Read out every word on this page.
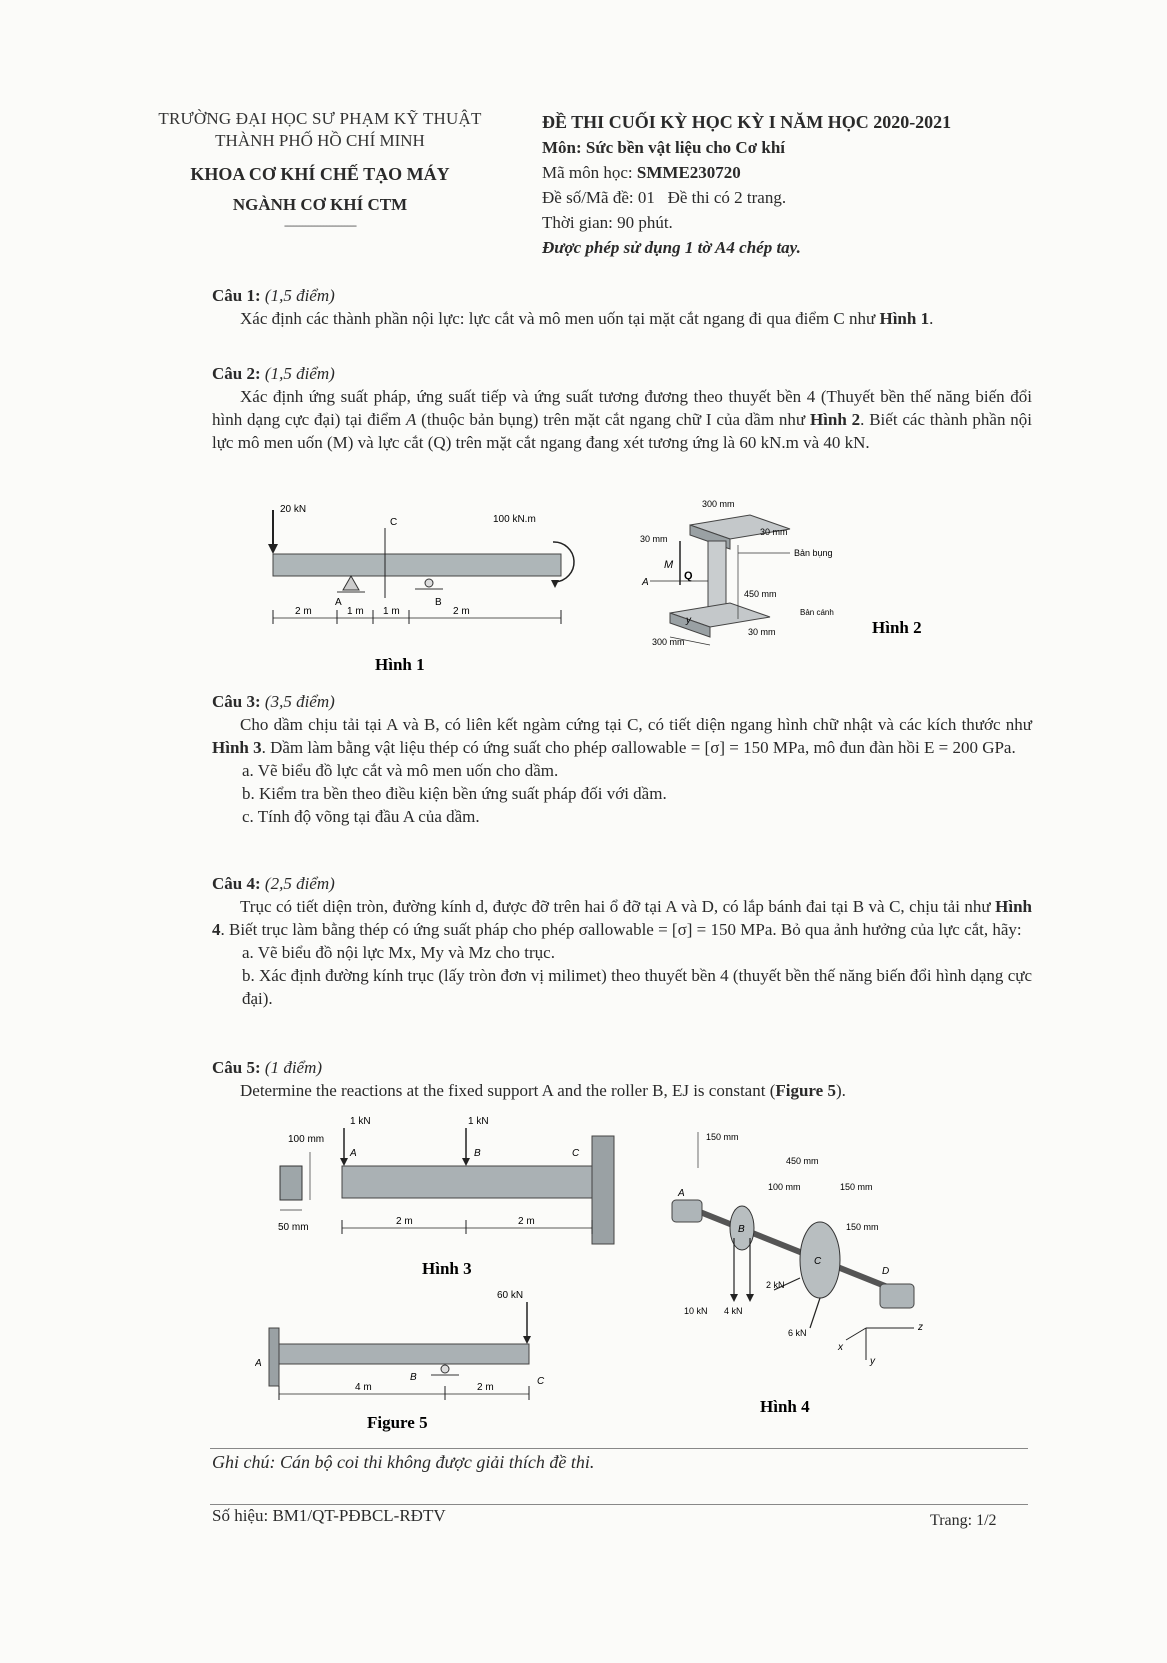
TRƯỜNG ĐẠI HỌC SƯ PHẠM KỸ THUẬT
THÀNH PHỐ HỒ CHÍ MINH
KHOA CƠ KHÍ CHẾ TẠO MÁY
NGÀNH CƠ KHÍ CTM
------------------------
ĐỀ THI CUỐI KỲ HỌC KỲ I NĂM HỌC 2020-2021
Môn: Sức bền vật liệu cho Cơ khí
Mã môn học: SMME230720
Đề số/Mã đề: 01 Đề thi có 2 trang.
Thời gian: 90 phút.
Được phép sử dụng 1 tờ A4 chép tay.
Câu 1: (1,5 điểm)

Xác định các thành phần nội lực: lực cắt và mô men uốn tại mặt cắt ngang đi qua điểm C như Hình 1.

Câu 2: (1,5 điểm)

Xác định ứng suất pháp, ứng suất tiếp và ứng suất tương đương theo thuyết bền 4 (Thuyết bền thế năng biến đổi hình dạng cực đại) tại điểm A (thuộc bản bụng) trên mặt cắt ngang chữ I của dầm như Hình 2. Biết các thành phần nội lực mô men uốn (M) và lực cắt (Q) trên mặt cắt ngang đang xét tương ứng là 60 kN.m và 40 kN.

20 kN
C
A	B
100 kN.m
2 m	1 m 1 m	2 m
Hình 1
300 mm
30 mm
30 mm
Bản bụng
M
Q
A
450 mm
Bản cánh
30 mm
y
300 mm
Hình 2
Câu 3: (3,5 điểm)

Cho dầm chịu tải tại A và B, có liên kết ngàm cứng tại C, có tiết diện ngang hình chữ nhật và các kích thước như Hình 3. Dầm làm bằng vật liệu thép có ứng suất cho phép σallowable = [σ] = 150 MPa, mô đun đàn hồi E = 200 GPa.

a. Vẽ biểu đồ lực cắt và mô men uốn cho dầm.

b. Kiểm tra bền theo điều kiện bền ứng suất pháp đối với dầm.

c. Tính độ võng tại đầu A của dầm.

Câu 4: (2,5 điểm)

Trục có tiết diện tròn, đường kính d, được đỡ trên hai ổ đỡ tại A và D, có lắp bánh đai tại B và C, chịu tải như Hình 4. Biết trục làm bằng thép có ứng suất pháp cho phép σallowable = [σ] = 150 MPa. Bỏ qua ảnh hưởng của lực cắt, hãy:

a. Vẽ biểu đồ nội lực Mx, My và Mz cho trục.

b. Xác định đường kính trục (lấy tròn đơn vị milimet) theo thuyết bền 4 (thuyết bền thế năng biến đổi hình dạng cực đại).

Câu 5: (1 điểm)

Determine the reactions at the fixed support A and the roller B, EJ is constant (Figure 5).

100 mm
50 mm
1 kN
A
1 kN
B	C
2 m	2 m
Hình 3
60 kN
A
C
B
4 m	2 m
Figure 5
150 mm
450 mm
100 mm	150 mm
150 mm
A
B
C
D
10 kN 4 kN
2 kN
6 kN	z
y
x
Hình 4
Ghi chú: Cán bộ coi thi không được giải thích đề thi.
Số hiệu: BM1/QT-PĐBCL-RĐTV	Trang: 1/2
